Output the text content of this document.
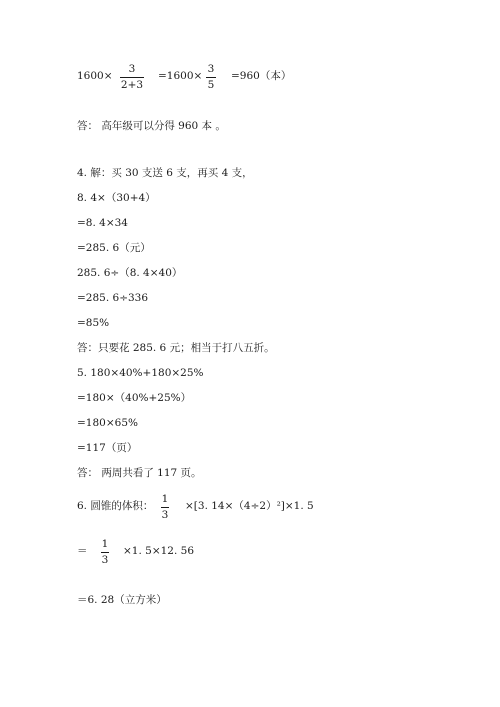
1600×
3
2+3
=1600×
3
5
=960（本）
答： 高年级可以分得 960 本 。
4. 解：买 30 支送 6 支，再买 4 支，
8. 4×（30+4）
=8. 4×34
=285. 6（元）
285. 6÷（8. 4×40）
=285. 6÷336
=85%
答：只要花 285. 6 元；相当于打八五折。
5. 180×40%+180×25%
=180×（40%+25%）
=180×65%
=117（页）
答： 两周共看了 117 页。
6. 圆锥的体积：
1
3
×[3. 14×（4÷2）²]×1. 5
＝
1
3
×1. 5×12. 56
＝6. 28（立方米）
